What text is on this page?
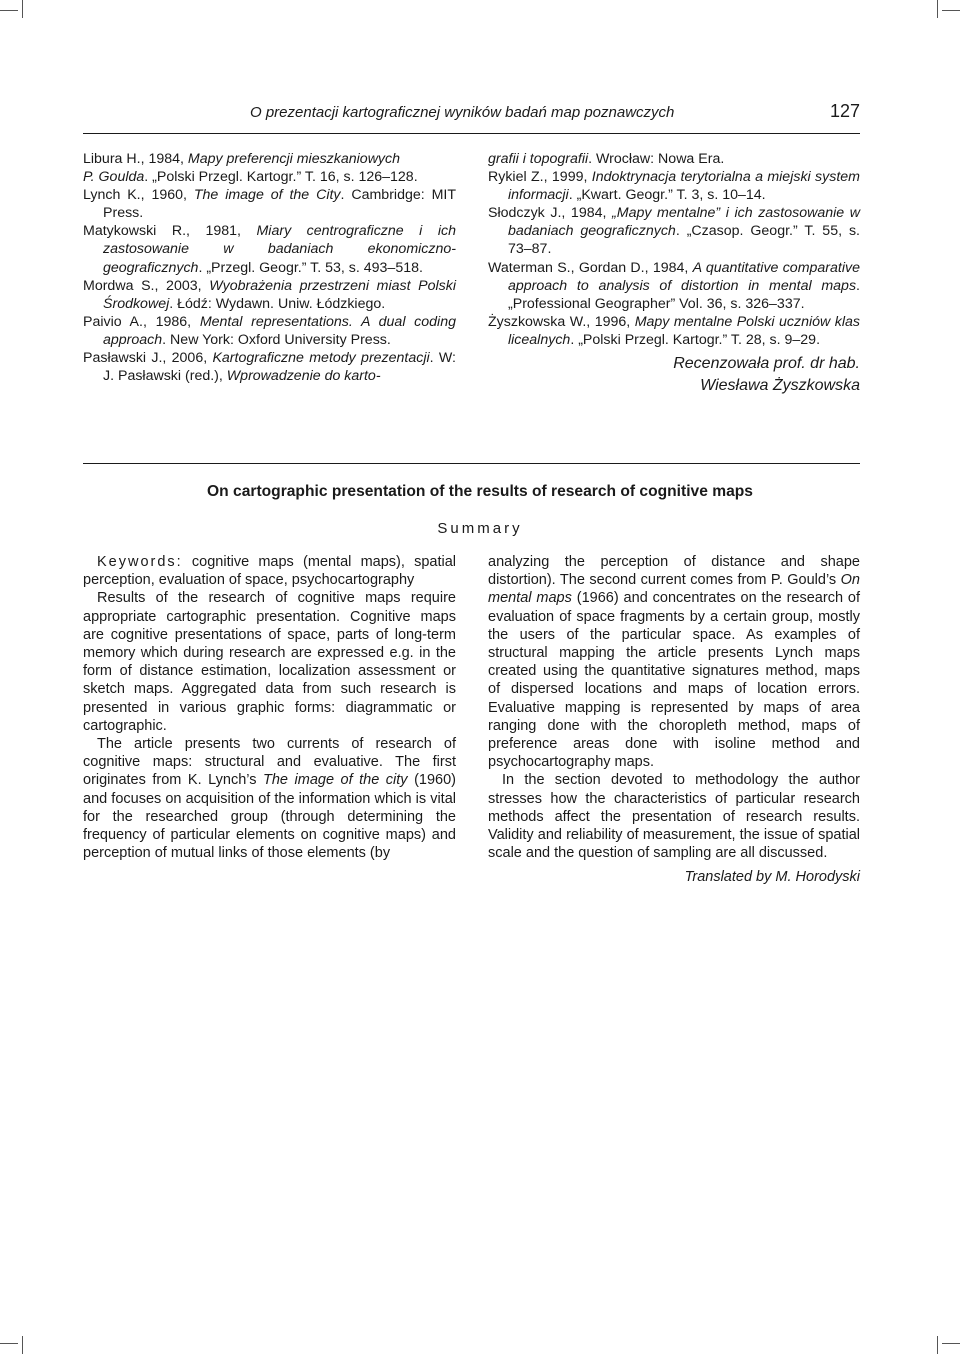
O prezentacji kartograficznej wyników badań map poznawczych	127

Libura H., 1984, Mapy preferencji mieszkaniowych

P. Goulda. „Polski Przegl. Kartogr.” T. 16, s. 126–128.

Lynch K., 1960, The image of the City. Cambridge: MIT Press.

Matykowski R., 1981, Miary centrograficzne i ich zastosowanie w badaniach ekonomiczno-geograficznych. „Przegl. Geogr.” T. 53, s. 493–518.

Mordwa S., 2003, Wyobrażenia przestrzeni miast Polski Środkowej. Łódź: Wydawn. Uniw. Łódzkiego.

Paivio A., 1986, Mental representations. A dual coding approach. New York: Oxford University Press.

Pasławski J., 2006, Kartograficzne metody prezentacji. W: J. Pasławski (red.), Wprowadzenie do karto-

grafii i topografii. Wrocław: Nowa Era.

Rykiel Z., 1999, Indoktrynacja terytorialna a miejski system informacji. „Kwart. Geogr.” T. 3, s. 10–14.

Słodczyk J., 1984, „Mapy mentalne” i ich zastosowanie w badaniach geograficznych. „Czasop. Geogr.” T. 55, s. 73–87.

Waterman S., Gordan D., 1984, A quantitative comparative approach to analysis of distortion in mental maps. „Professional Geographer” Vol. 36, s. 326–337.

Żyszkowska W., 1996, Mapy mentalne Polski uczniów klas licealnych. „Polski Przegl. Kartogr.” T. 28, s. 9–29.

Recenzowała prof. dr hab.
Wiesława Żyszkowska
On cartographic presentation of the results of research of cognitive maps
Summary

Keywords: cognitive maps (mental maps), spatial perception, evaluation of space, psychocartography

Results of the research of cognitive maps require appropriate cartographic presentation. Cognitive maps are cognitive presentations of space, parts of long-term memory which during research are expressed e.g. in the form of distance estimation, localization assessment or sketch maps. Aggregated data from such research is presented in various graphic forms: diagrammatic or cartographic.

The article presents two currents of research of cognitive maps: structural and evaluative. The first originates from K. Lynch’s The image of the city (1960) and focuses on acquisition of the information which is vital for the researched group (through determining the frequency of particular elements on cognitive maps) and perception of mutual links of those elements (by

analyzing the perception of distance and shape distortion). The second current comes from P. Gould’s On mental maps (1966) and concentrates on the research of evaluation of space fragments by a certain group, mostly the users of the particular space. As examples of structural mapping the article presents Lynch maps created using the quantitative signatures method, maps of dispersed locations and maps of location errors. Evaluative mapping is represented by maps of area ranging done with the choropleth method, maps of preference areas done with isoline method and psychocartography maps.

In the section devoted to methodology the author stresses how the characteristics of particular research methods affect the presentation of research results. Validity and reliability of measurement, the issue of spatial scale and the question of sampling are all discussed.

Translated by M. Horodyski
